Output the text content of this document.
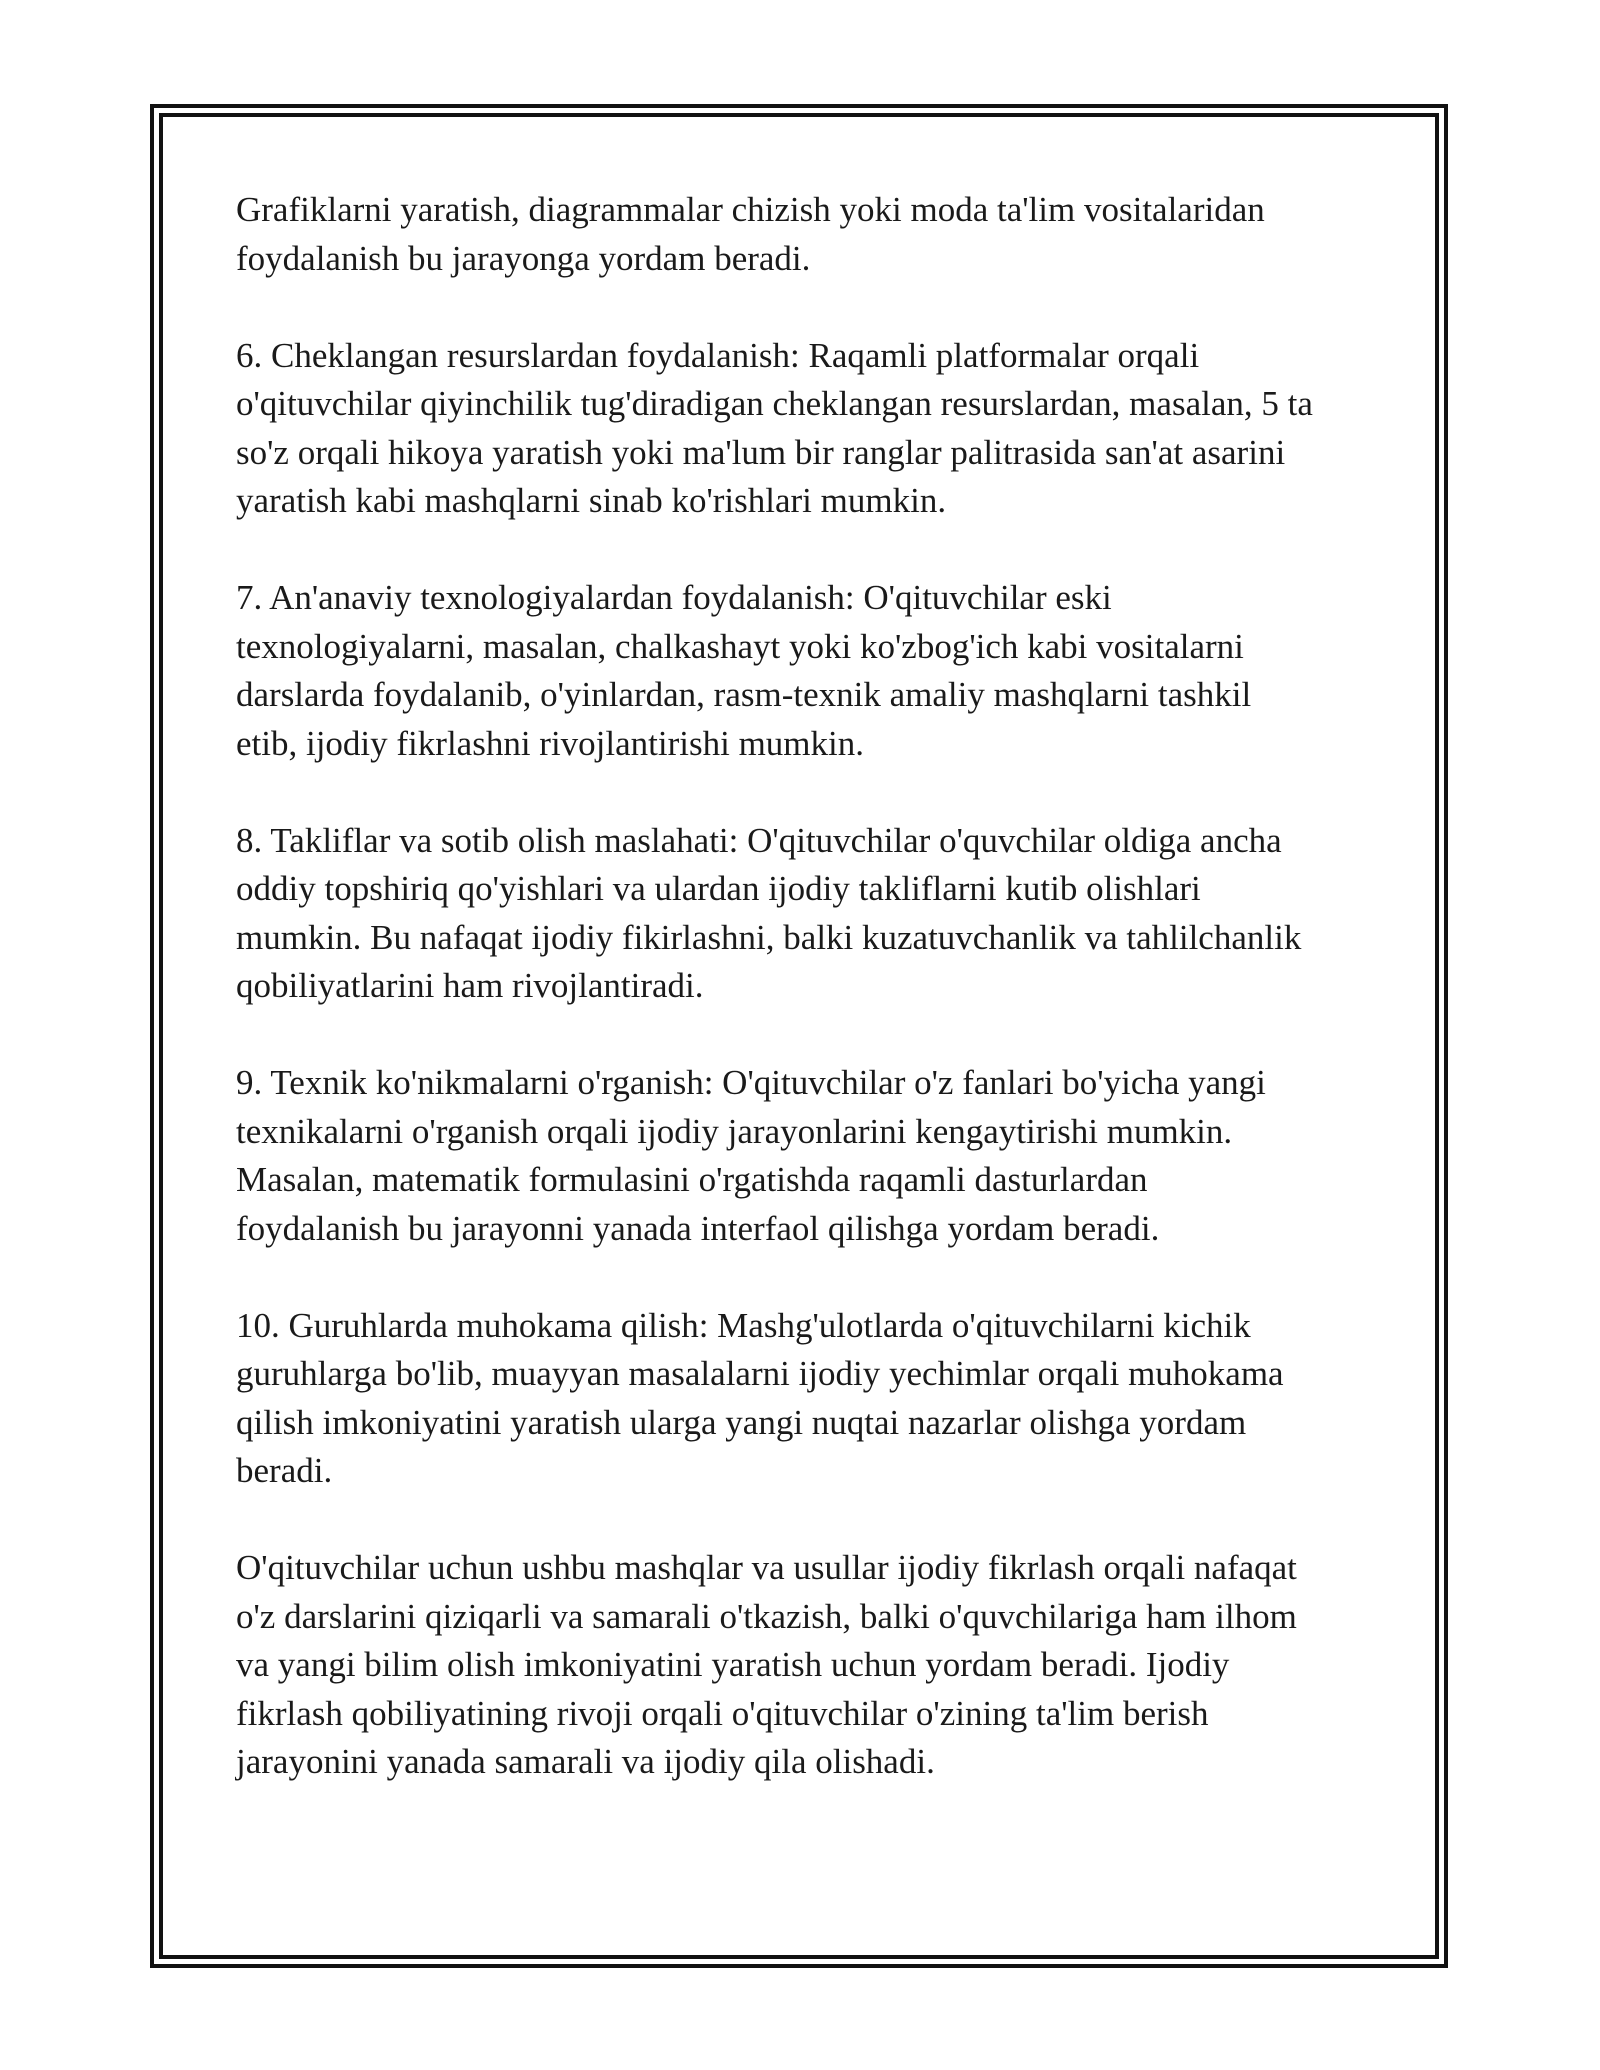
Grafiklarni yaratish, diagrammalar chizish yoki moda ta'lim vositalaridan
foydalanish bu jarayonga yordam beradi.

6. Cheklangan resurslardan foydalanish: Raqamli platformalar orqali
o'qituvchilar qiyinchilik tug'diradigan cheklangan resurslardan, masalan, 5 ta
so'z orqali hikoya yaratish yoki ma'lum bir ranglar palitrasida san'at asarini
yaratish kabi mashqlarni sinab ko'rishlari mumkin.

7. An'anaviy texnologiyalardan foydalanish: O'qituvchilar eski
texnologiyalarni, masalan, chalkashayt yoki ko'zbog'ich kabi vositalarni
darslarda foydalanib, o'yinlardan, rasm-texnik amaliy mashqlarni tashkil
etib, ijodiy fikrlashni rivojlantirishi mumkin.

8. Takliflar va sotib olish maslahati: O'qituvchilar o'quvchilar oldiga ancha
oddiy topshiriq qo'yishlari va ulardan ijodiy takliflarni kutib olishlari
mumkin. Bu nafaqat ijodiy fikirlashni, balki kuzatuvchanlik va tahlilchanlik
qobiliyatlarini ham rivojlantiradi.

9. Texnik ko'nikmalarni o'rganish: O'qituvchilar o'z fanlari bo'yicha yangi
texnikalarni o'rganish orqali ijodiy jarayonlarini kengaytirishi mumkin.
Masalan, matematik formulasini o'rgatishda raqamli dasturlardan
foydalanish bu jarayonni yanada interfaol qilishga yordam beradi.

10. Guruhlarda muhokama qilish: Mashg'ulotlarda o'qituvchilarni kichik
guruhlarga bo'lib, muayyan masalalarni ijodiy yechimlar orqali muhokama
qilish imkoniyatini yaratish ularga yangi nuqtai nazarlar olishga yordam
beradi.

O'qituvchilar uchun ushbu mashqlar va usullar ijodiy fikrlash orqali nafaqat
o'z darslarini qiziqarli va samarali o'tkazish, balki o'quvchilariga ham ilhom
va yangi bilim olish imkoniyatini yaratish uchun yordam beradi. Ijodiy
fikrlash qobiliyatining rivoji orqali o'qituvchilar o'zining ta'lim berish
jarayonini yanada samarali va ijodiy qila olishadi.
